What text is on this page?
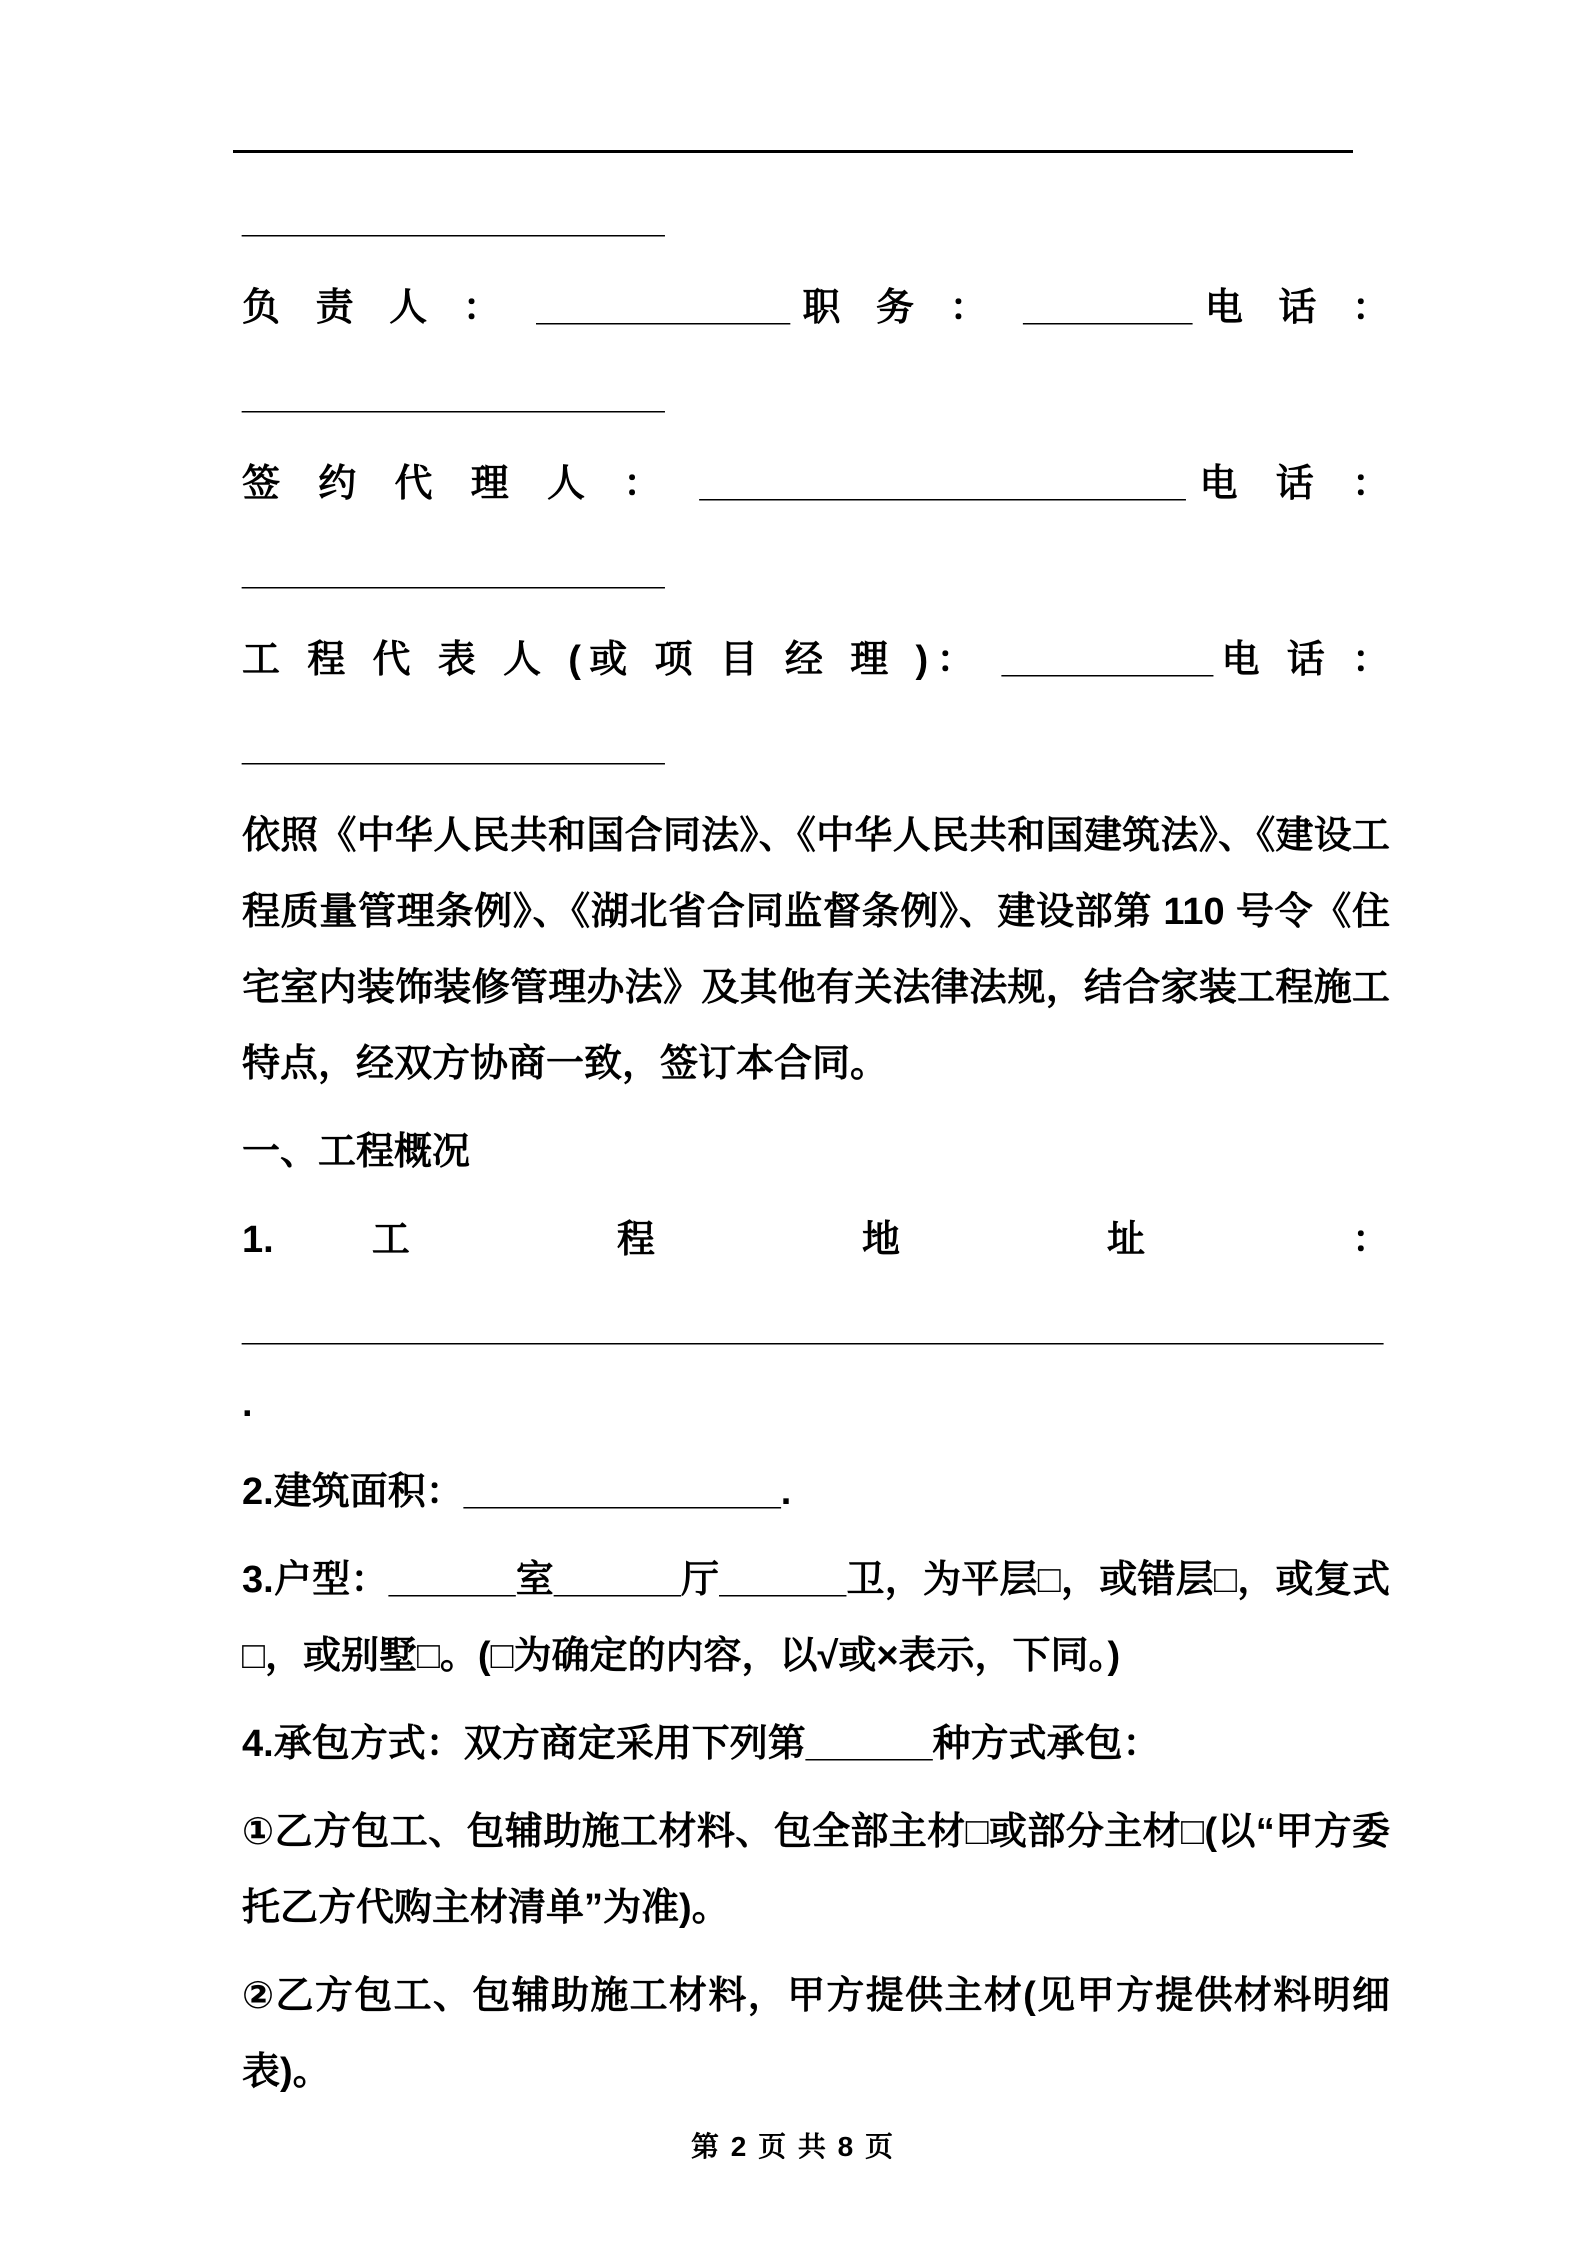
____________________

负 责 人 ： ____________职 务 ： ________电 话 ：

____________________

签 约 代 理 人 ： _______________________电 话 ：

____________________

工 程 代 表 人 (或 项 目 经 理 )： __________电 话 ：

____________________

依照《中华人民共和国合同法》、《中华人民共和国建筑法》、《建设工程质量管理条例》、《湖北省合同监督条例》、建设部第 110 号令《住宅室内装饰装修管理办法》及其他有关法律法规，结合家装工程施工特点，经双方协商一致，签订本合同。

一、工程概况

1.工 程 地 址 ：

______________________________________________________.

2.建筑面积：_______________.

3.户型：______室______厅______卫，为平层□，或错层□，或复式□，或别墅□。(□为确定的内容，以√或×表示，下同。)

4.承包方式：双方商定采用下列第______种方式承包：

①乙方包工、包辅助施工材料、包全部主材□或部分主材□(以“甲方委托乙方代购主材清单”为准)。

②乙方包工、包辅助施工材料，甲方提供主材(见甲方提供材料明细表)。

第 2 页 共 8 页
